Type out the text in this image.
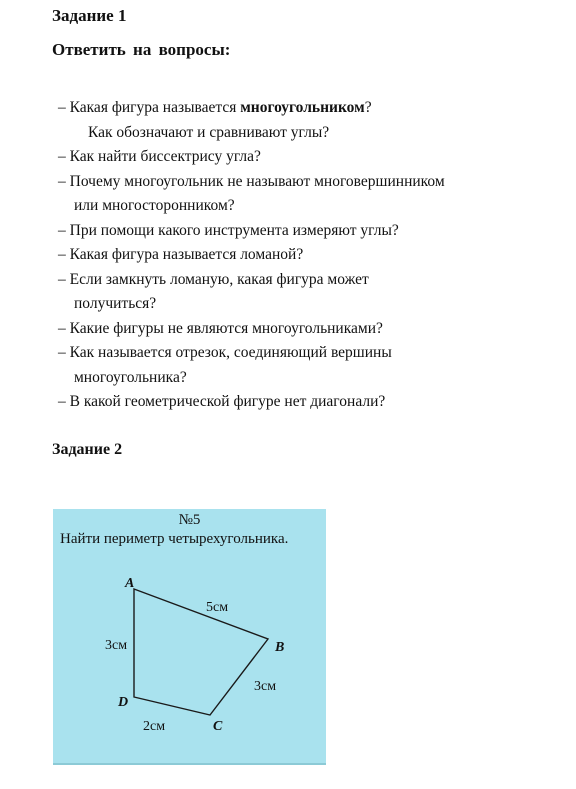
Задание 1
Ответить на вопросы:
– Какая фигура называется многоугольником?
Как обозначают и сравнивают углы?
– Как найти биссектрису угла?
– Почему многоугольник не называют многовершинником
или многосторонником?
– При помощи какого инструмента измеряют углы?
– Какая фигура называется ломаной?
– Если замкнуть ломаную, какая фигура может
получиться?
– Какие фигуры не являются многоугольниками?
– Как называется отрезок, соединяющий вершины
многоугольника?
– В какой геометрической фигуре нет диагонали?
Задание 2
№5
Найти периметр четырехугольника.
A
B
C
D
5см
3см
2см
3см
